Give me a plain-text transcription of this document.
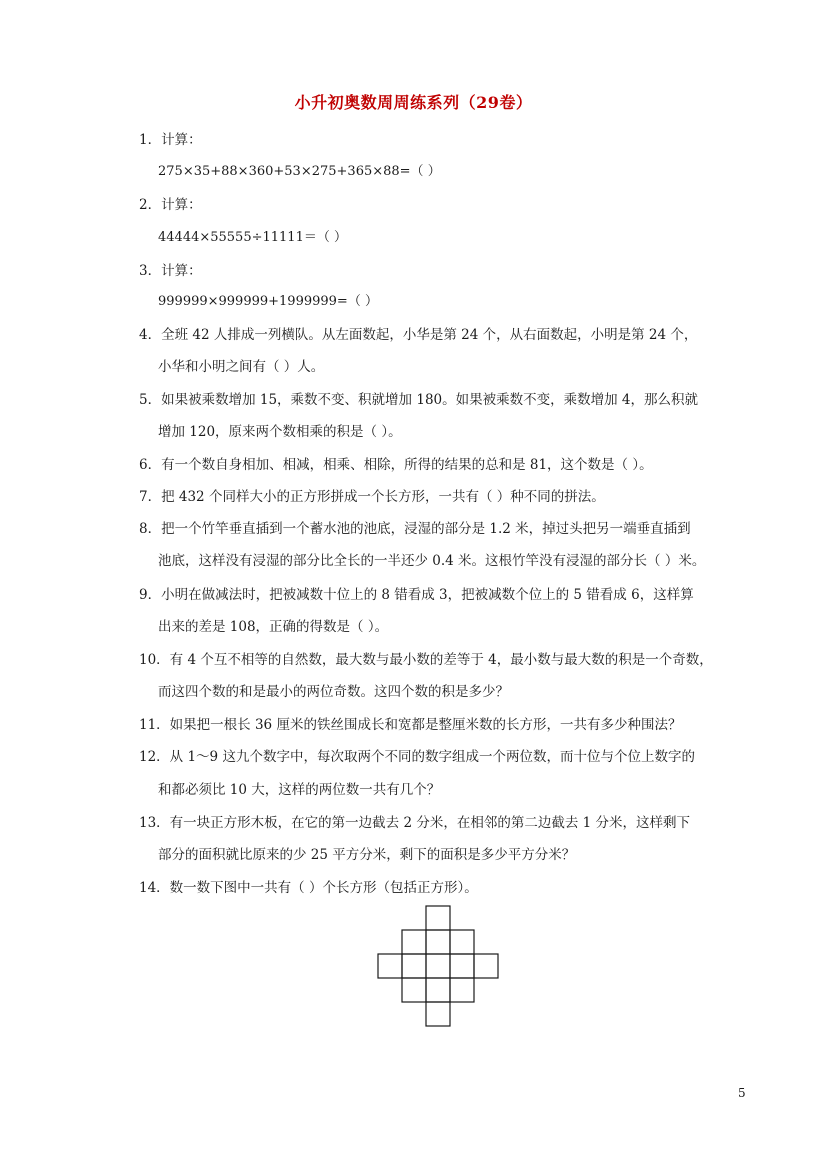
小升初奥数周周练系列（29卷）
1．计算：
275×35+88×360+53×275+365×88=（ ）
2．计算：
44444×55555÷11111＝（ ）
3．计算：
999999×999999+1999999=（ ）
4．全班 42 人排成一列横队。从左面数起，小华是第 24 个，从右面数起，小明是第 24 个，
小华和小明之间有（ ）人。
5．如果被乘数增加 15，乘数不变、积就增加 180。如果被乘数不变，乘数增加 4，那么积就
增加 120，原来两个数相乘的积是（ ）。
6．有一个数自身相加、相减，相乘、相除，所得的结果的总和是 81，这个数是（ ）。
7．把 432 个同样大小的正方形拼成一个长方形，一共有（ ）种不同的拼法。
8．把一个竹竿垂直插到一个蓄水池的池底，浸湿的部分是 1.2 米，掉过头把另一端垂直插到
池底，这样没有浸湿的部分比全长的一半还少 0.4 米。这根竹竿没有浸湿的部分长（ ）米。
9．小明在做减法时，把被减数十位上的 8 错看成 3，把被减数个位上的 5 错看成 6，这样算
出来的差是 108，正确的得数是（ ）。
10．有 4 个互不相等的自然数，最大数与最小数的差等于 4，最小数与最大数的积是一个奇数，
而这四个数的和是最小的两位奇数。这四个数的积是多少？
11．如果把一根长 36 厘米的铁丝围成长和宽都是整厘米数的长方形，一共有多少种围法？
12．从 1～9 这九个数字中，每次取两个不同的数字组成一个两位数，而十位与个位上数字的
和都必须比 10 大，这样的两位数一共有几个？
13．有一块正方形木板，在它的第一边截去 2 分米，在相邻的第二边截去 1 分米，这样剩下
部分的面积就比原来的少 25 平方分米，剩下的面积是多少平方分米？
14．数一数下图中一共有（ ）个长方形（包括正方形）。
5
